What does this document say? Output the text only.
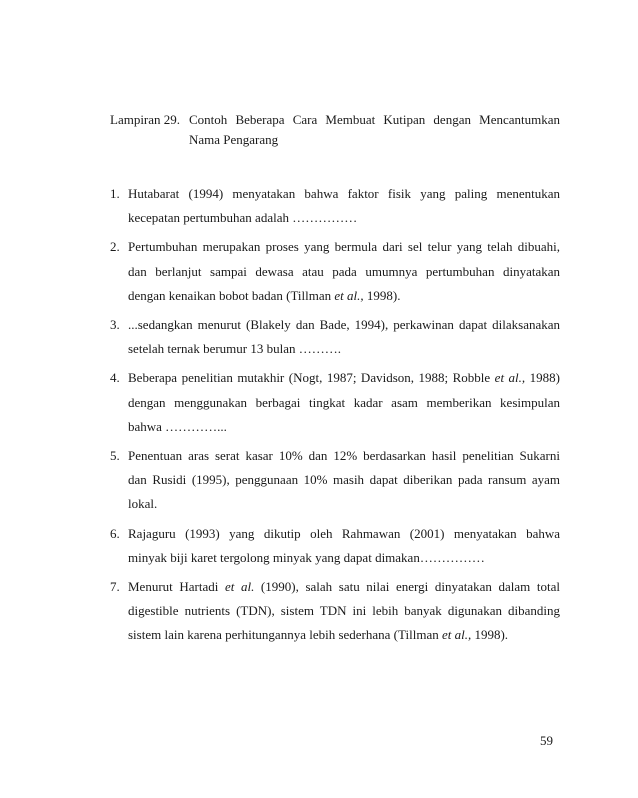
Lampiran 29. Contoh Beberapa Cara Membuat Kutipan dengan Mencantumkan
Nama Pengarang
1. Hutabarat (1994) menyatakan bahwa faktor fisik yang paling menentukan
kecepatan pertumbuhan adalah ……………
2. Pertumbuhan merupakan proses yang bermula dari sel telur yang telah dibuahi,
dan berlanjut sampai dewasa atau pada umumnya pertumbuhan dinyatakan
dengan kenaikan bobot badan (Tillman et al., 1998).
3. ...sedangkan menurut (Blakely dan Bade, 1994), perkawinan dapat dilaksanakan
setelah ternak berumur 13 bulan ……….
4. Beberapa penelitian mutakhir (Nogt, 1987; Davidson, 1988; Robble et al., 1988)
dengan menggunakan berbagai tingkat kadar asam memberikan kesimpulan
bahwa …………...
5. Penentuan aras serat kasar 10% dan 12% berdasarkan hasil penelitian Sukarni
dan Rusidi (1995), penggunaan 10% masih dapat diberikan pada ransum ayam
lokal.
6. Rajaguru (1993) yang dikutip oleh Rahmawan (2001) menyatakan bahwa
minyak biji karet tergolong minyak yang dapat dimakan……………
7. Menurut Hartadi et al. (1990), salah satu nilai energi dinyatakan dalam total
digestible nutrients (TDN), sistem TDN ini lebih banyak digunakan dibanding
sistem lain karena perhitungannya lebih sederhana (Tillman et al., 1998).
59
